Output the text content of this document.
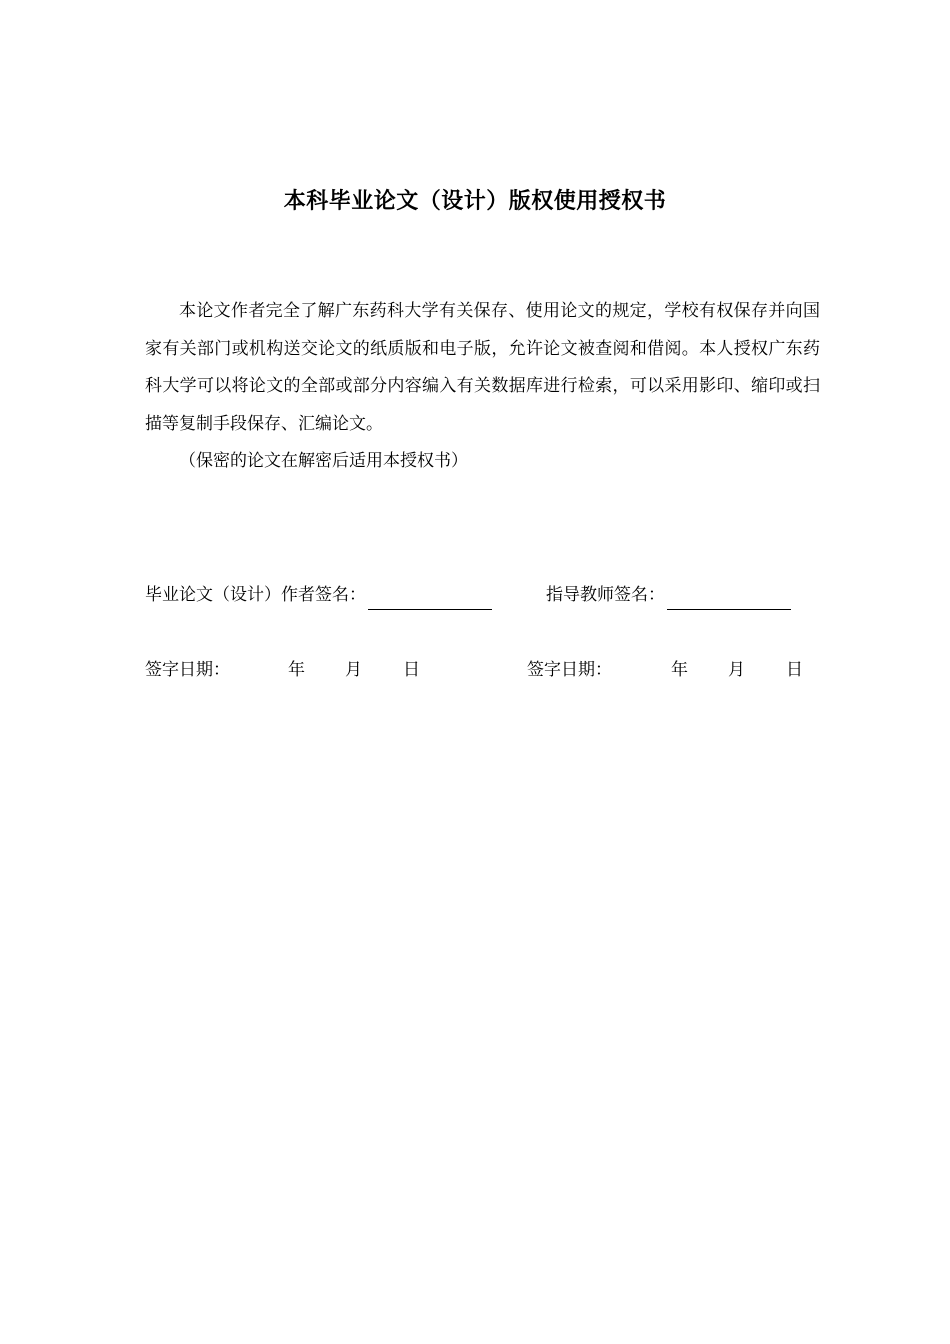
本科毕业论文（设计）版权使用授权书

本论文作者完全了解广东药科大学有关保存、使用论文的规定，学校有权保存并向国家有关部门或机构送交论文的纸质版和电子版，允许论文被查阅和借阅。本人授权广东药科大学可以将论文的全部或部分内容编入有关数据库进行检索，可以采用影印、缩印或扫描等复制手段保存、汇编论文。

（保密的论文在解密后适用本授权书）

毕业论文（设计）作者签名：	指导教师签名：
签字日期：	年 月 日	签字日期：	年 月 日
